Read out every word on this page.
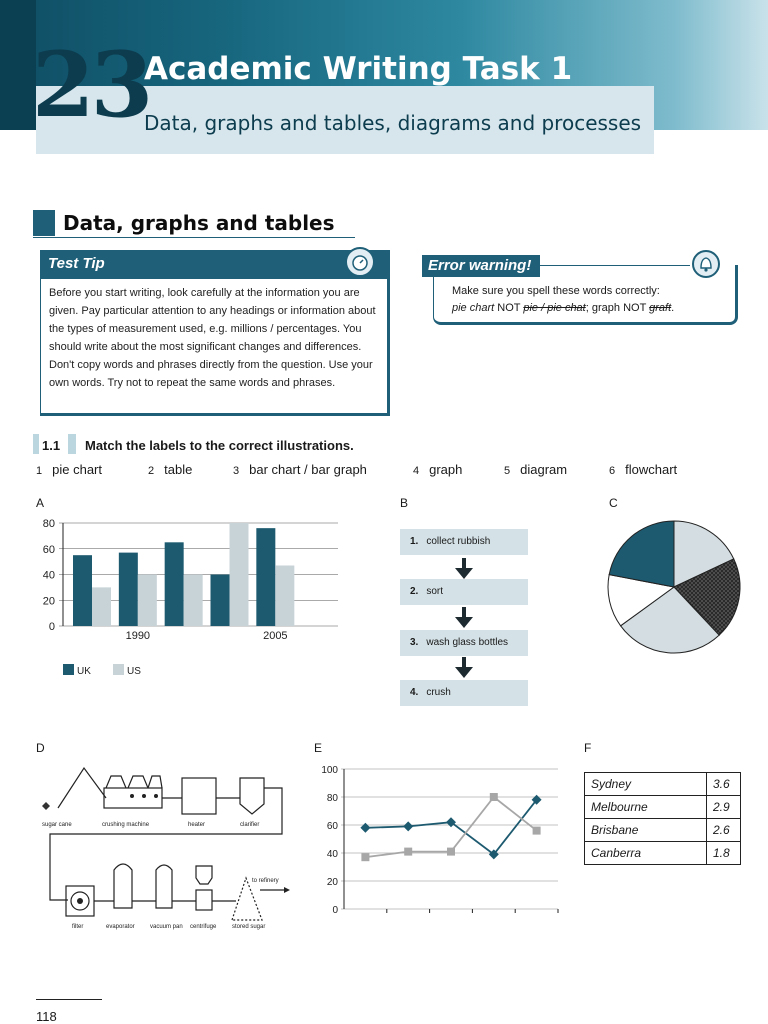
23
Academic Writing Task 1
Data, graphs and tables, diagrams and processes
Data, graphs and tables
Test Tip
Before you start writing, look carefully at the information you are given. Pay particular attention to any headings or information about the types of measurement used, e.g. millions / percentages. You should write about the most significant changes and differences. Don't copy words and phrases directly from the question. Use your own words. Try not to repeat the same words and phrases.
Error warning!
Make sure you spell these words correctly:
pie chart NOT pie / pie chat; graph NOT graft.
1.1 Match the labels to the correct illustrations.
1 pie chart	2 table	3 bar chart / bar graph	4 graph	5 diagram	6 flowchart
A	B	C
D	E	F
0
20
40
60
80
1990	2005
UK	US
1. collect rubbish
2. sort
3. wash glass bottles
4. crush
sugar cane	crushing machine	heater	clarifier
to refinery
filter	evaporator	vacuum pan centrifuge	stored sugar
0
20
40
60
80
100
Sydney	3.6
Melbourne	2.9
Brisbane	2.6
Canberra	1.8
118
